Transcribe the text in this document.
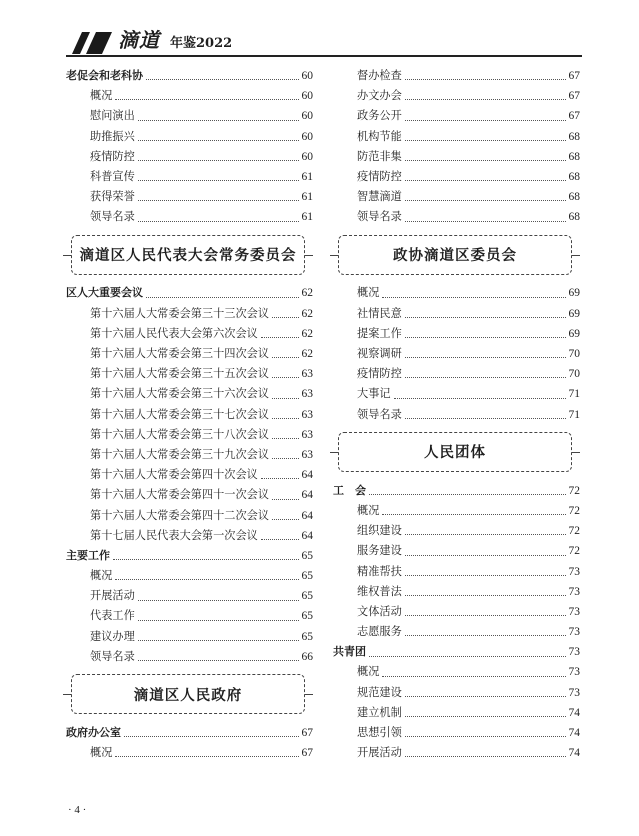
滴道 年鉴2022
老促会和老科协	60
概况	60
慰问演出	60
助推振兴	60
疫情防控	60
科普宣传	61
获得荣誉	61
领导名录	61
滴道区人民代表大会常务委员会
区人大重要会议	62
第十六届人大常委会第三十三次会议	62
第十六届人民代表大会第六次会议	62
第十六届人大常委会第三十四次会议	62
第十六届人大常委会第三十五次会议	63
第十六届人大常委会第三十六次会议	63
第十六届人大常委会第三十七次会议	63
第十六届人大常委会第三十八次会议	63
第十六届人大常委会第三十九次会议	63
第十六届人大常委会第四十次会议	64
第十六届人大常委会第四十一次会议	64
第十六届人大常委会第四十二次会议	64
第十七届人民代表大会第一次会议	64
主要工作	65
概况	65
开展活动	65
代表工作	65
建议办理	65
领导名录	66
滴道区人民政府
政府办公室	67
概况	67
督办检查	67
办文办会	67
政务公开	67
机构节能	68
防范非集	68
疫情防控	68
智慧滴道	68
领导名录	68
政协滴道区委员会
概况	69
社情民意	69
提案工作	69
视察调研	70
疫情防控	70
大事记	71
领导名录	71
人民团体
工　会	72
概况	72
组织建设	72
服务建设	72
精准帮扶	73
维权普法	73
文体活动	73
志愿服务	73
共青团	73
概况	73
规范建设	73
建立机制	74
思想引领	74
开展活动	74
· 4 ·
